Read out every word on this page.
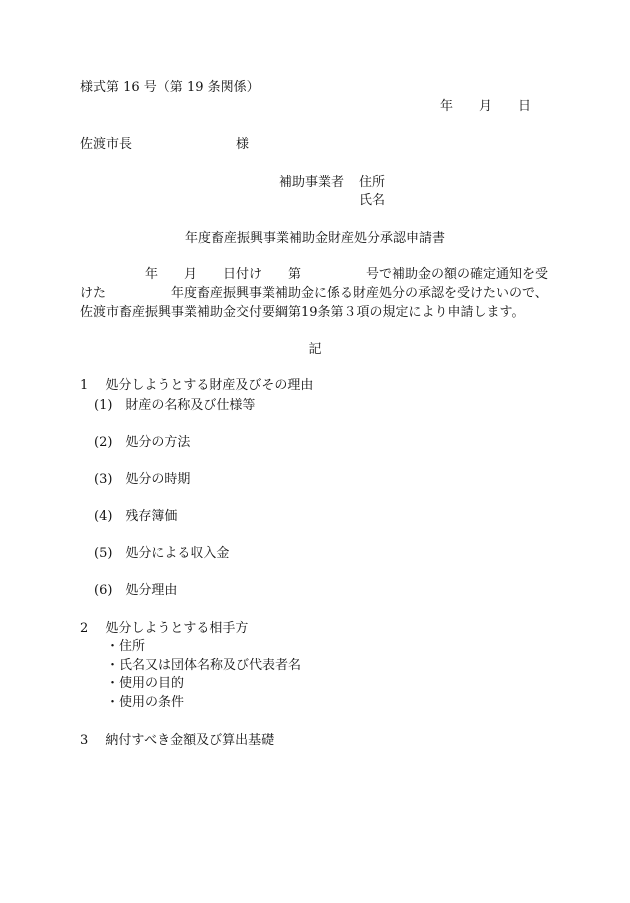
様式第 16 号（第 19 条関係）
年　　月　　日
佐渡市長　　　　　　　　様
補助事業者 住所
氏名
年度畜産振興事業補助金財産処分承認申請書
　　　　　年　　月　　日付け　　第　　　　　号で補助金の額の確定通知を受
けた　　　　　年度畜産振興事業補助金に係る財産処分の承認を受けたいので、
佐渡市畜産振興事業補助金交付要綱第19条第３項の規定により申請します。
記
1　 処分しようとする財産及びその理由
(1)　財産の名称及び仕様等
(2)　処分の方法
(3)　処分の時期
(4)　残存簿価
(5)　処分による収入金
(6)　処分理由
2　 処分しようとする相手方
・住所
・氏名又は団体名称及び代表者名
・使用の目的
・使用の条件
3　 納付すべき金額及び算出基礎
